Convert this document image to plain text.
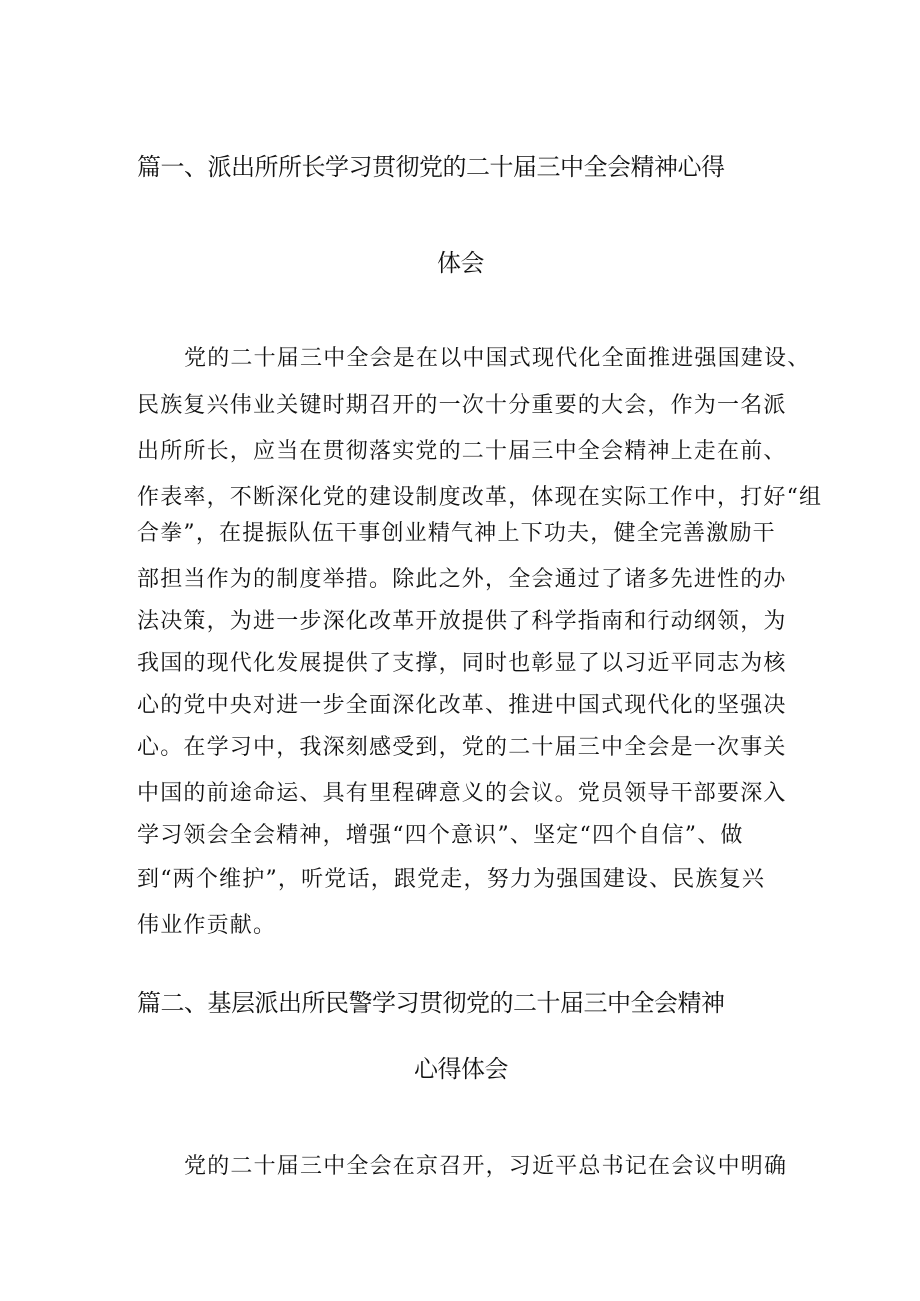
篇一、派出所所长学习贯彻党的二十届三中全会精神心得
体会
党的二十届三中全会是在以中国式现代化全面推进强国建设、
民族复兴伟业关键时期召开的一次十分重要的大会，作为一名派
出所所长，应当在贯彻落实党的二十届三中全会精神上走在前、
作表率，不断深化党的建设制度改革，体现在实际工作中，打好“组
合拳”，在提振队伍干事创业精气神上下功夫，健全完善激励干
部担当作为的制度举措。除此之外，全会通过了诸多先进性的办
法决策，为进一步深化改革开放提供了科学指南和行动纲领，为
我国的现代化发展提供了支撑，同时也彰显了以习近平同志为核
心的党中央对进一步全面深化改革、推进中国式现代化的坚强决
心。在学习中，我深刻感受到，党的二十届三中全会是一次事关
中国的前途命运、具有里程碑意义的会议。党员领导干部要深入
学习领会全会精神，增强“四个意识”、坚定“四个自信”、做
到“两个维护”，听党话，跟党走，努力为强国建设、民族复兴
伟业作贡献。
篇二、基层派出所民警学习贯彻党的二十届三中全会精神
心得体会
党的二十届三中全会在京召开，习近平总书记在会议中明确
